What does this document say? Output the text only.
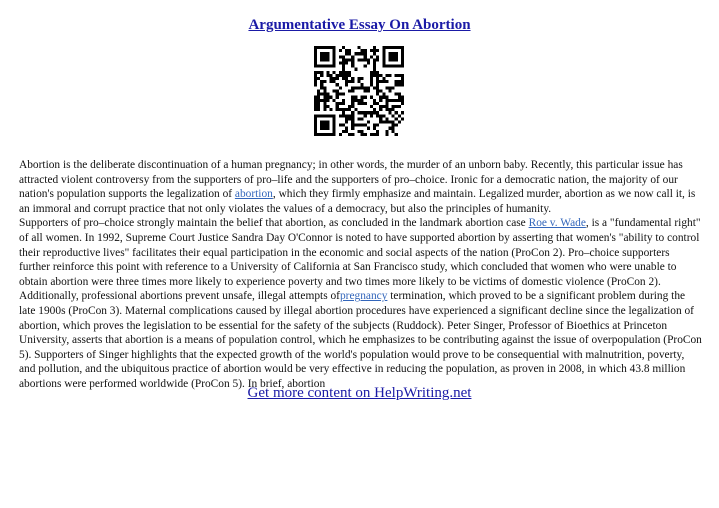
Argumentative Essay On Abortion

Abortion is the deliberate discontinuation of a human pregnancy; in other words, the murder of an unborn baby. Recently, this particular issue has attracted violent controversy from the supporters of pro–life and the supporters of pro–choice. Ironic for a democratic nation, the majority of our nation's population supports the legalization of abortion, which they firmly emphasize and maintain. Legalized murder, abortion as we now call it, is an immoral and corrupt practice that not only violates the values of a democracy, but also the principles of humanity.

Supporters of pro–choice strongly maintain the belief that abortion, as concluded in the landmark abortion case Roe v. Wade, is a "fundamental right" of all women. In 1992, Supreme Court Justice Sandra Day O'Connor is noted to have supported abortion by asserting that women's "ability to control their reproductive lives" facilitates their equal participation in the economic and social aspects of the nation (ProCon 2). Pro–choice supporters further reinforce this point with reference to a University of California at San Francisco study, which concluded that women who were unable to obtain abortion were three times more likely to experience poverty and two times more likely to be victims of domestic violence (ProCon 2). Additionally, professional abortions prevent unsafe, illegal attempts ofpregnancy termination, which proved to be a significant problem during the late 1900s (ProCon 3). Maternal complications caused by illegal abortion procedures have experienced a significant decline since the legalization of abortion, which proves the legislation to be essential for the safety of the subjects (Ruddock). Peter Singer, Professor of Bioethics at Princeton University, asserts that abortion is a means of population control, which he emphasizes to be contributing against the issue of overpopulation (ProCon 5). Supporters of Singer highlights that the expected growth of the world's population would prove to be consequential with malnutrition, poverty, and pollution, and the ubiquitous practice of abortion would be very effective in reducing the population, as proven in 2008, in which 43.8 million abortions were performed worldwide (ProCon 5). In brief, abortion

Get more content on HelpWriting.net
